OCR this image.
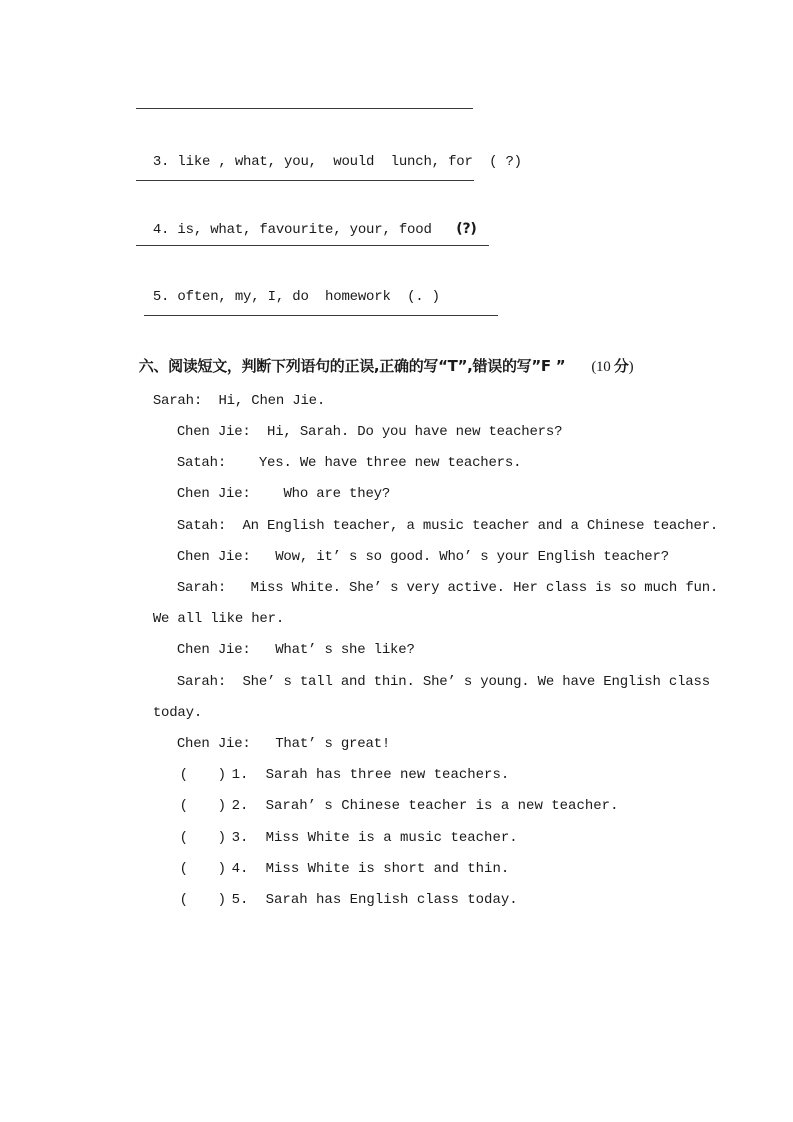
3. like , what, you,  would  lunch, for ( ?)

4. is, what, favourite, your, food (?)

5. often, my, I, do  homework (. )

六、阅读短文，判断下列语句的正误,正确的写“T”,错误的写”F ” (10 分)

Sarah: Hi, Chen Jie.

Chen Jie: Hi, Sarah. Do you have new teachers?

Satah: Yes. We have three new teachers.

Chen Jie: Who are they?

Satah: An English teacher, a music teacher and a Chinese teacher.

Chen Jie: Wow, it’ s so good. Who’ s your English teacher?

Sarah: Miss White. She’ s very active. Her class is so much fun.

We all like her.

Chen Jie: What’ s she like?

Sarah: She’ s tall and thin. She’ s young. We have English class

today.

Chen Jie: That’ s great!

( ) 1. Sarah has three new teachers.

( ) 2. Sarah’ s Chinese teacher is a new teacher.

( ) 3. Miss White is a music teacher.

( ) 4. Miss White is short and thin.

( ) 5. Sarah has English class today.
